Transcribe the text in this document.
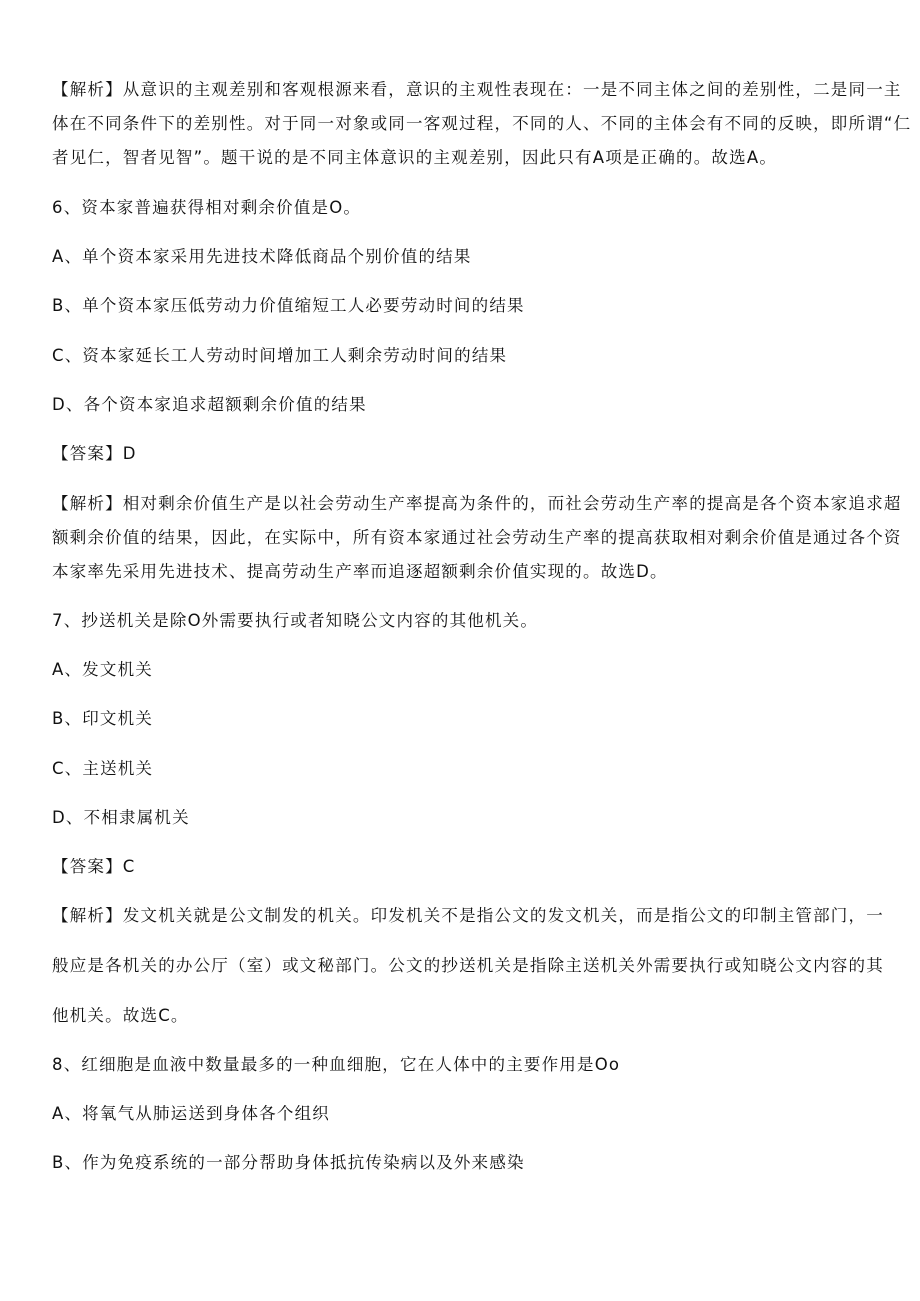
【解析】从意识的主观差别和客观根源来看，意识的主观性表现在：一是不同主体之间的差别性，二是同一主

体在不同条件下的差别性。对于同一对象或同一客观过程，不同的人、不同的主体会有不同的反映，即所谓“仁

者见仁，智者见智”。题干说的是不同主体意识的主观差别，因此只有A项是正确的。故选A。

6、资本家普遍获得相对剩余价值是O。

A、单个资本家采用先进技术降低商品个别价值的结果

B、单个资本家压低劳动力价值缩短工人必要劳动时间的结果

C、资本家延长工人劳动时间增加工人剩余劳动时间的结果

D、各个资本家追求超额剩余价值的结果

【答案】D

【解析】相对剩余价值生产是以社会劳动生产率提高为条件的，而社会劳动生产率的提高是各个资本家追求超

额剩余价值的结果，因此，在实际中，所有资本家通过社会劳动生产率的提高获取相对剩余价值是通过各个资

本家率先采用先进技术、提高劳动生产率而追逐超额剩余价值实现的。故选D。

7、抄送机关是除O外需要执行或者知晓公文内容的其他机关。

A、发文机关

B、印文机关

C、主送机关

D、不相隶属机关

【答案】C

【解析】发文机关就是公文制发的机关。印发机关不是指公文的发文机关，而是指公文的印制主管部门，一

般应是各机关的办公厅（室）或文秘部门。公文的抄送机关是指除主送机关外需要执行或知晓公文内容的其

他机关。故选C。

8、红细胞是血液中数量最多的一种血细胞，它在人体中的主要作用是Oo

A、将氧气从肺运送到身体各个组织

B、作为免疫系统的一部分帮助身体抵抗传染病以及外来感染
